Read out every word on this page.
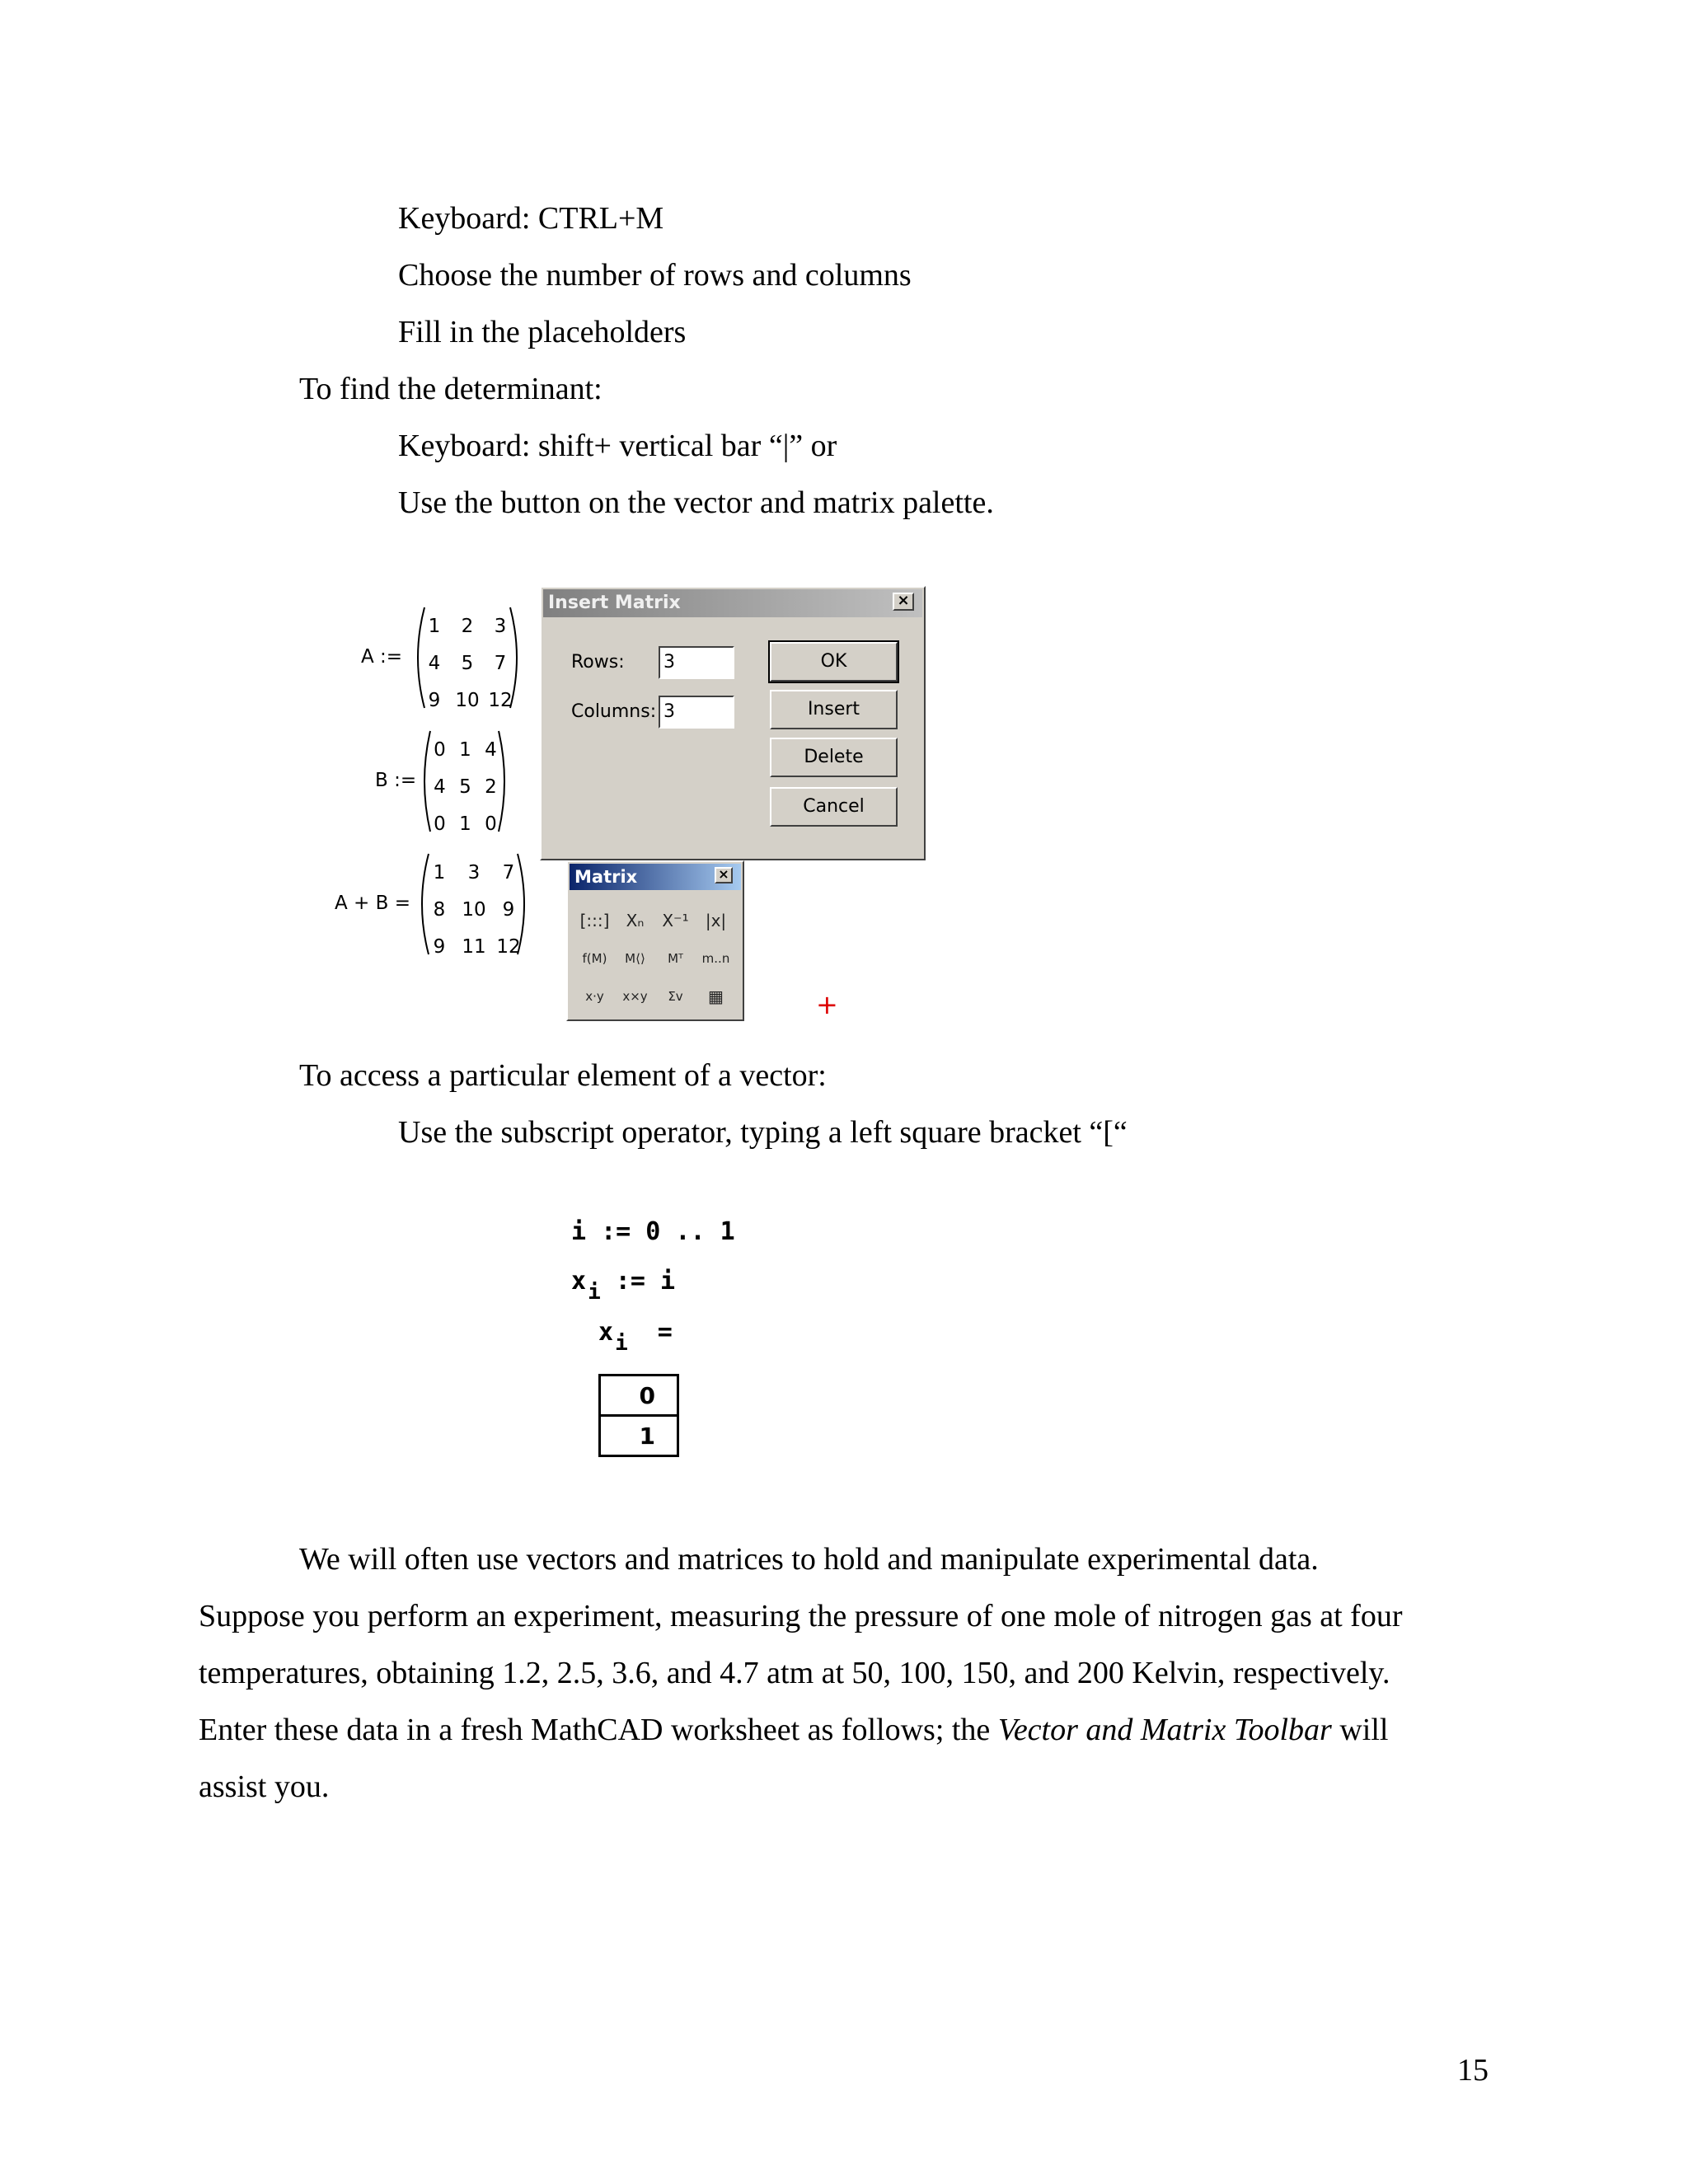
Keyboard: CTRL+M
Choose the number of rows and columns
Fill in the placeholders
To find the determinant:
Keyboard: shift+ vertical bar “|” or
Use the button on the vector and matrix palette.
A :=
1	2	3
4	5	7
9 10 12
B :=
0 1 4
4 5 2
0 1 0
A + B =
1	3	7
8 10 9
9 11 12
Insert Matrix	×
Rows: 3
Columns: 3
OK
Insert
Delete
Cancel
Matrix	×
[:::]	Xₙ	X⁻¹	|x|
f(M)	M⟨⟩	Mᵀ	m..n
x·y	x×y	Σv	▦	+
To access a particular element of a vector:
Use the subscript operator, typing a left square bracket “[“
i := 0 .. 1
xi := i
xi =
0
1
We will often use vectors and matrices to hold and manipulate experimental data.
Suppose you perform an experiment, measuring the pressure of one mole of nitrogen gas at four
temperatures, obtaining 1.2, 2.5, 3.6, and 4.7 atm at 50, 100, 150, and 200 Kelvin, respectively.
Enter these data in a fresh MathCAD worksheet as follows; the Vector and Matrix Toolbar will
assist you.
15
